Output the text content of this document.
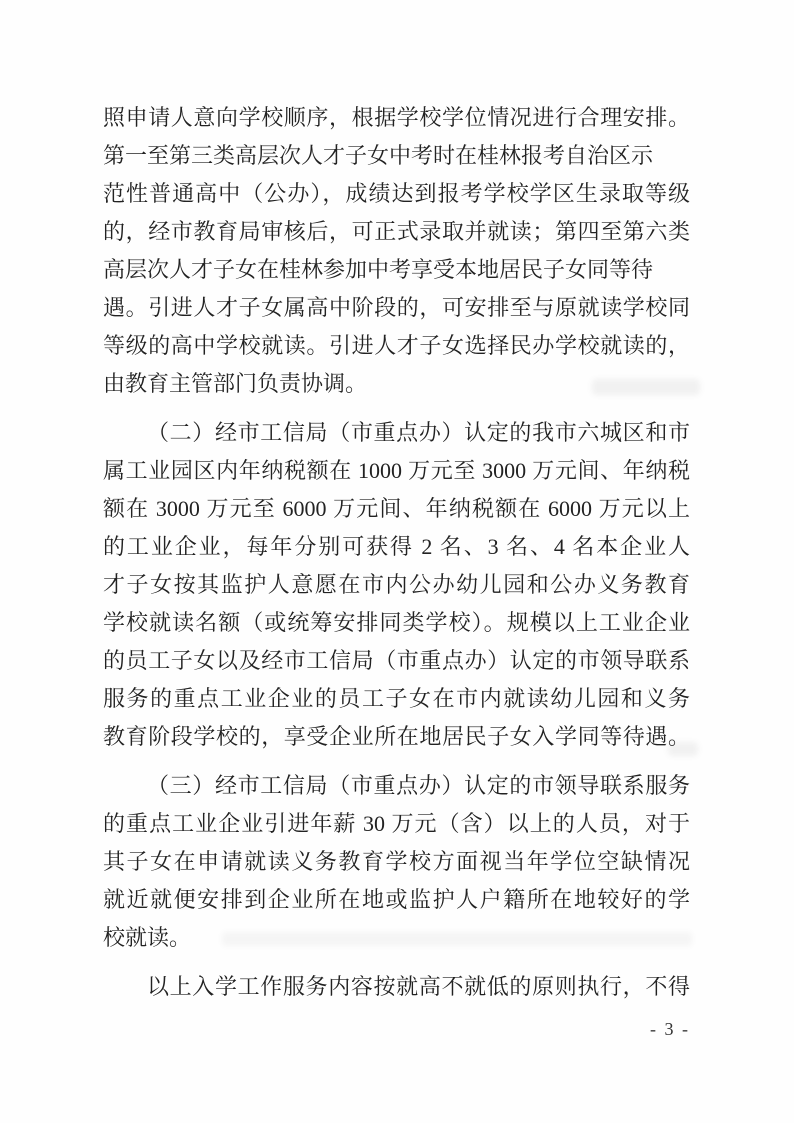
照申请人意向学校顺序，根据学校学位情况进行合理安排。
第一至第三类高层次人才子女中考时在桂林报考自治区示
范性普通高中（公办），成绩达到报考学校学区生录取等级
的，经市教育局审核后，可正式录取并就读；第四至第六类
高层次人才子女在桂林参加中考享受本地居民子女同等待
遇。引进人才子女属高中阶段的，可安排至与原就读学校同
等级的高中学校就读。引进人才子女选择民办学校就读的，
由教育主管部门负责协调。
（二）经市工信局（市重点办）认定的我市六城区和市
属工业园区内年纳税额在 1000 万元至 3000 万元间、年纳税
额在 3000 万元至 6000 万元间、年纳税额在 6000 万元以上
的工业企业，每年分别可获得 2 名、3 名、4 名本企业人
才子女按其监护人意愿在市内公办幼儿园和公办义务教育
学校就读名额（或统筹安排同类学校）。规模以上工业企业
的员工子女以及经市工信局（市重点办）认定的市领导联系
服务的重点工业企业的员工子女在市内就读幼儿园和义务
教育阶段学校的，享受企业所在地居民子女入学同等待遇。
（三）经市工信局（市重点办）认定的市领导联系服务
的重点工业企业引进年薪 30 万元（含）以上的人员，对于
其子女在申请就读义务教育学校方面视当年学位空缺情况
就近就便安排到企业所在地或监护人户籍所在地较好的学
校就读。
以上入学工作服务内容按就高不就低的原则执行，不得
- 3 -
